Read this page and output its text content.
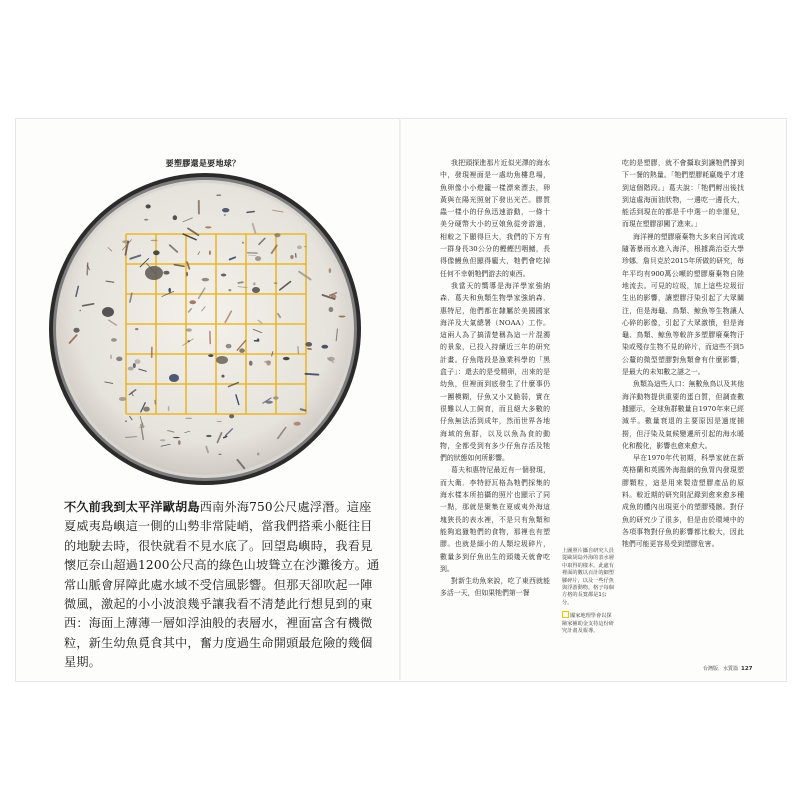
要塑膠還是要地球？
不久前我到太平洋歐胡島西南外海750公尺處浮潛。這座夏威夷島嶼這一側的山勢非常陡峭，當我們搭乘小艇往目的地駛去時，很快就看不見水底了。回望島嶼時，我看見懷厄奈山超過1200公尺高的綠色山坡聳立在沙灘後方。通常山脈會屏障此處水域不受信風影響。但那天卻吹起一陣微風，激起的小小波浪幾乎讓我看不清楚此行想見到的東西：海面上薄薄一層如浮油般的表層水，裡面富含有機微粒，新生幼魚覓食其中，奮力度過生命開頭最危險的幾個星期。

我把頭探進那片近似光澤的海水中，發現裡面是一處幼魚樓息場，魚卵像小小燈籠一樣漂來漂去，卵黃與在陽光照射下發出光芒。膠質蟲一樣小的仔魚迅速游動，一條十美分硬幣大小的豆娘魚從旁游過，相較之下顯得巨大，我們的下方有一群身長30公分的鰹鰹凹咽鱔，長得像鰻魚但顯得龐大，牠們會吃掉任何不幸朝牠們游去的東西。

我當天的嚮導是海洋學家強納森．葛夫和魚類生物學家強納森．惠特尼，他們都在隸屬於美國國家海洋及大氣總署（NOAA）工作。這兩人為了搞清楚稱為這一片混濁的景象，已投入持續近三年的研究計畫。仔魚階段是漁業科學的「黑盒子」：還去的是受精卵，出來的是幼魚，但裡面到底發生了什麼事仍一團模糊，仔魚又小又脆弱，實在很難以人工飼育，而且絕大多數的仔魚無法活到成年，然而世界各地海域的魚群，以及以魚為食的動物，全都受到有多少仔魚存活及牠們的狀態如何所影響。

葛夫和惠特尼最近有一個發現，而大衛．李特舒瓦格為牠們採集的海水樣本所拍攝的照片也顯示了同一點，那就是聚集在夏威夷外海這塊狹長的表水裡，不是只有魚類和能夠追獵牠們的食物，那裡也有塑膠。也就是細小的人類垃圾碎片，數量多到仔魚出生的頭幾天就會吃到。

對新生幼魚來說，吃了東西就能多活一天，但如果牠們第一餐

上圖照片攝自研究人員從歐胡島外海的表水層中取得的樣本。此處有裡面的數以百計的細塑膠碎片，以及一些仔魚與浮游動物。格子每個方格的長寬都是1公分。

國家地理學會以探險家補助金支持這份研究計畫及報導。

吃的是塑膠，就不會攝取到讓牠們撐到下一餐的熱量。「牠們塑膠耗羸幾乎才達到這個階段。」葛夫說：「牠們孵出後找到這處海面油狀物，一邊吃一邊長大，能活到現在的都是千中選一的幸運兒，而現在塑膠卻闖了進來。」

海洋裡的塑膠廢棄物大多來自河流或隨著暴雨水進入海洋，根據喬治亞大學珍娜．詹貝克於2015年所做的研究，每年平均有900萬公噸的塑膠廢棄物自陸地流去。可見的垃圾，加上這些垃圾衍生出的影響，讓塑膠汙染引起了大眾關注，但是海龜、鳥類、鯨魚等生物讓人心碎的影像，引起了大眾激憤，但是海龜、鳥類、鯨魚等較許多塑膠廢棄物汙染或殘存生物不見的碎片，而這些不到5公釐的微型塑膠對魚類會有什麼影響，是最大的未知數之謎之一。

魚類為這些人口：無數魚鳥以及其他海洋動物提供重要的蛋白質，但調查數據顯示，全球魚群數量自1970年來已經減半。數量衰退的主要原因是過度捕撈，但汙染及氣候變遷所引起的海水暖化和酸化，影響也愈來愈大。

早在1970年代初期，科學家就在新英格蘭和英國外海拖網的魚胃內發現塑膠顆粒，這是用來製造塑膠產品的原料。較近期的研究則記錄到愈來愈多種成魚的體內出現更小的塑膠殘骸。對仔魚的研究少了很多，但是由於環境中的各項事物對仔魚的影響都比較大，因此牠們可能更容易受到塑膠危害。

台灣版．水質篇 127
